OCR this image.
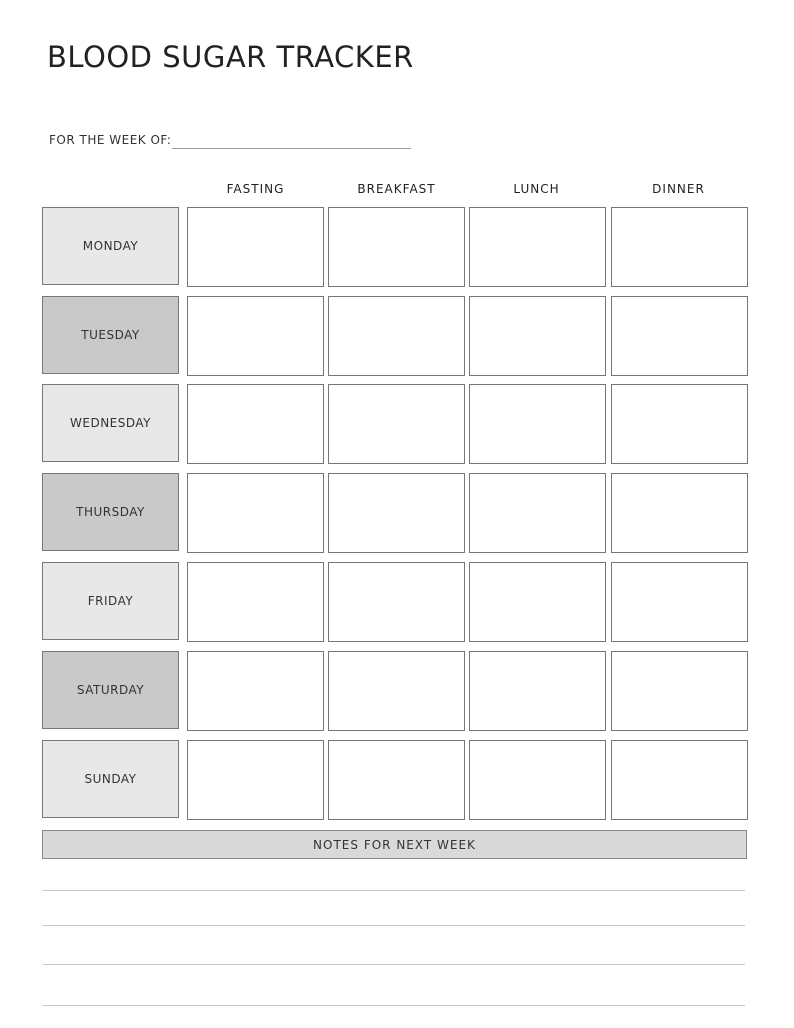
BLOOD SUGAR TRACKER
FOR THE WEEK OF:
FASTING	BREAKFAST	LUNCH	DINNER
MONDAY
TUESDAY
WEDNESDAY
THURSDAY
FRIDAY
SATURDAY
SUNDAY
NOTES FOR NEXT WEEK
